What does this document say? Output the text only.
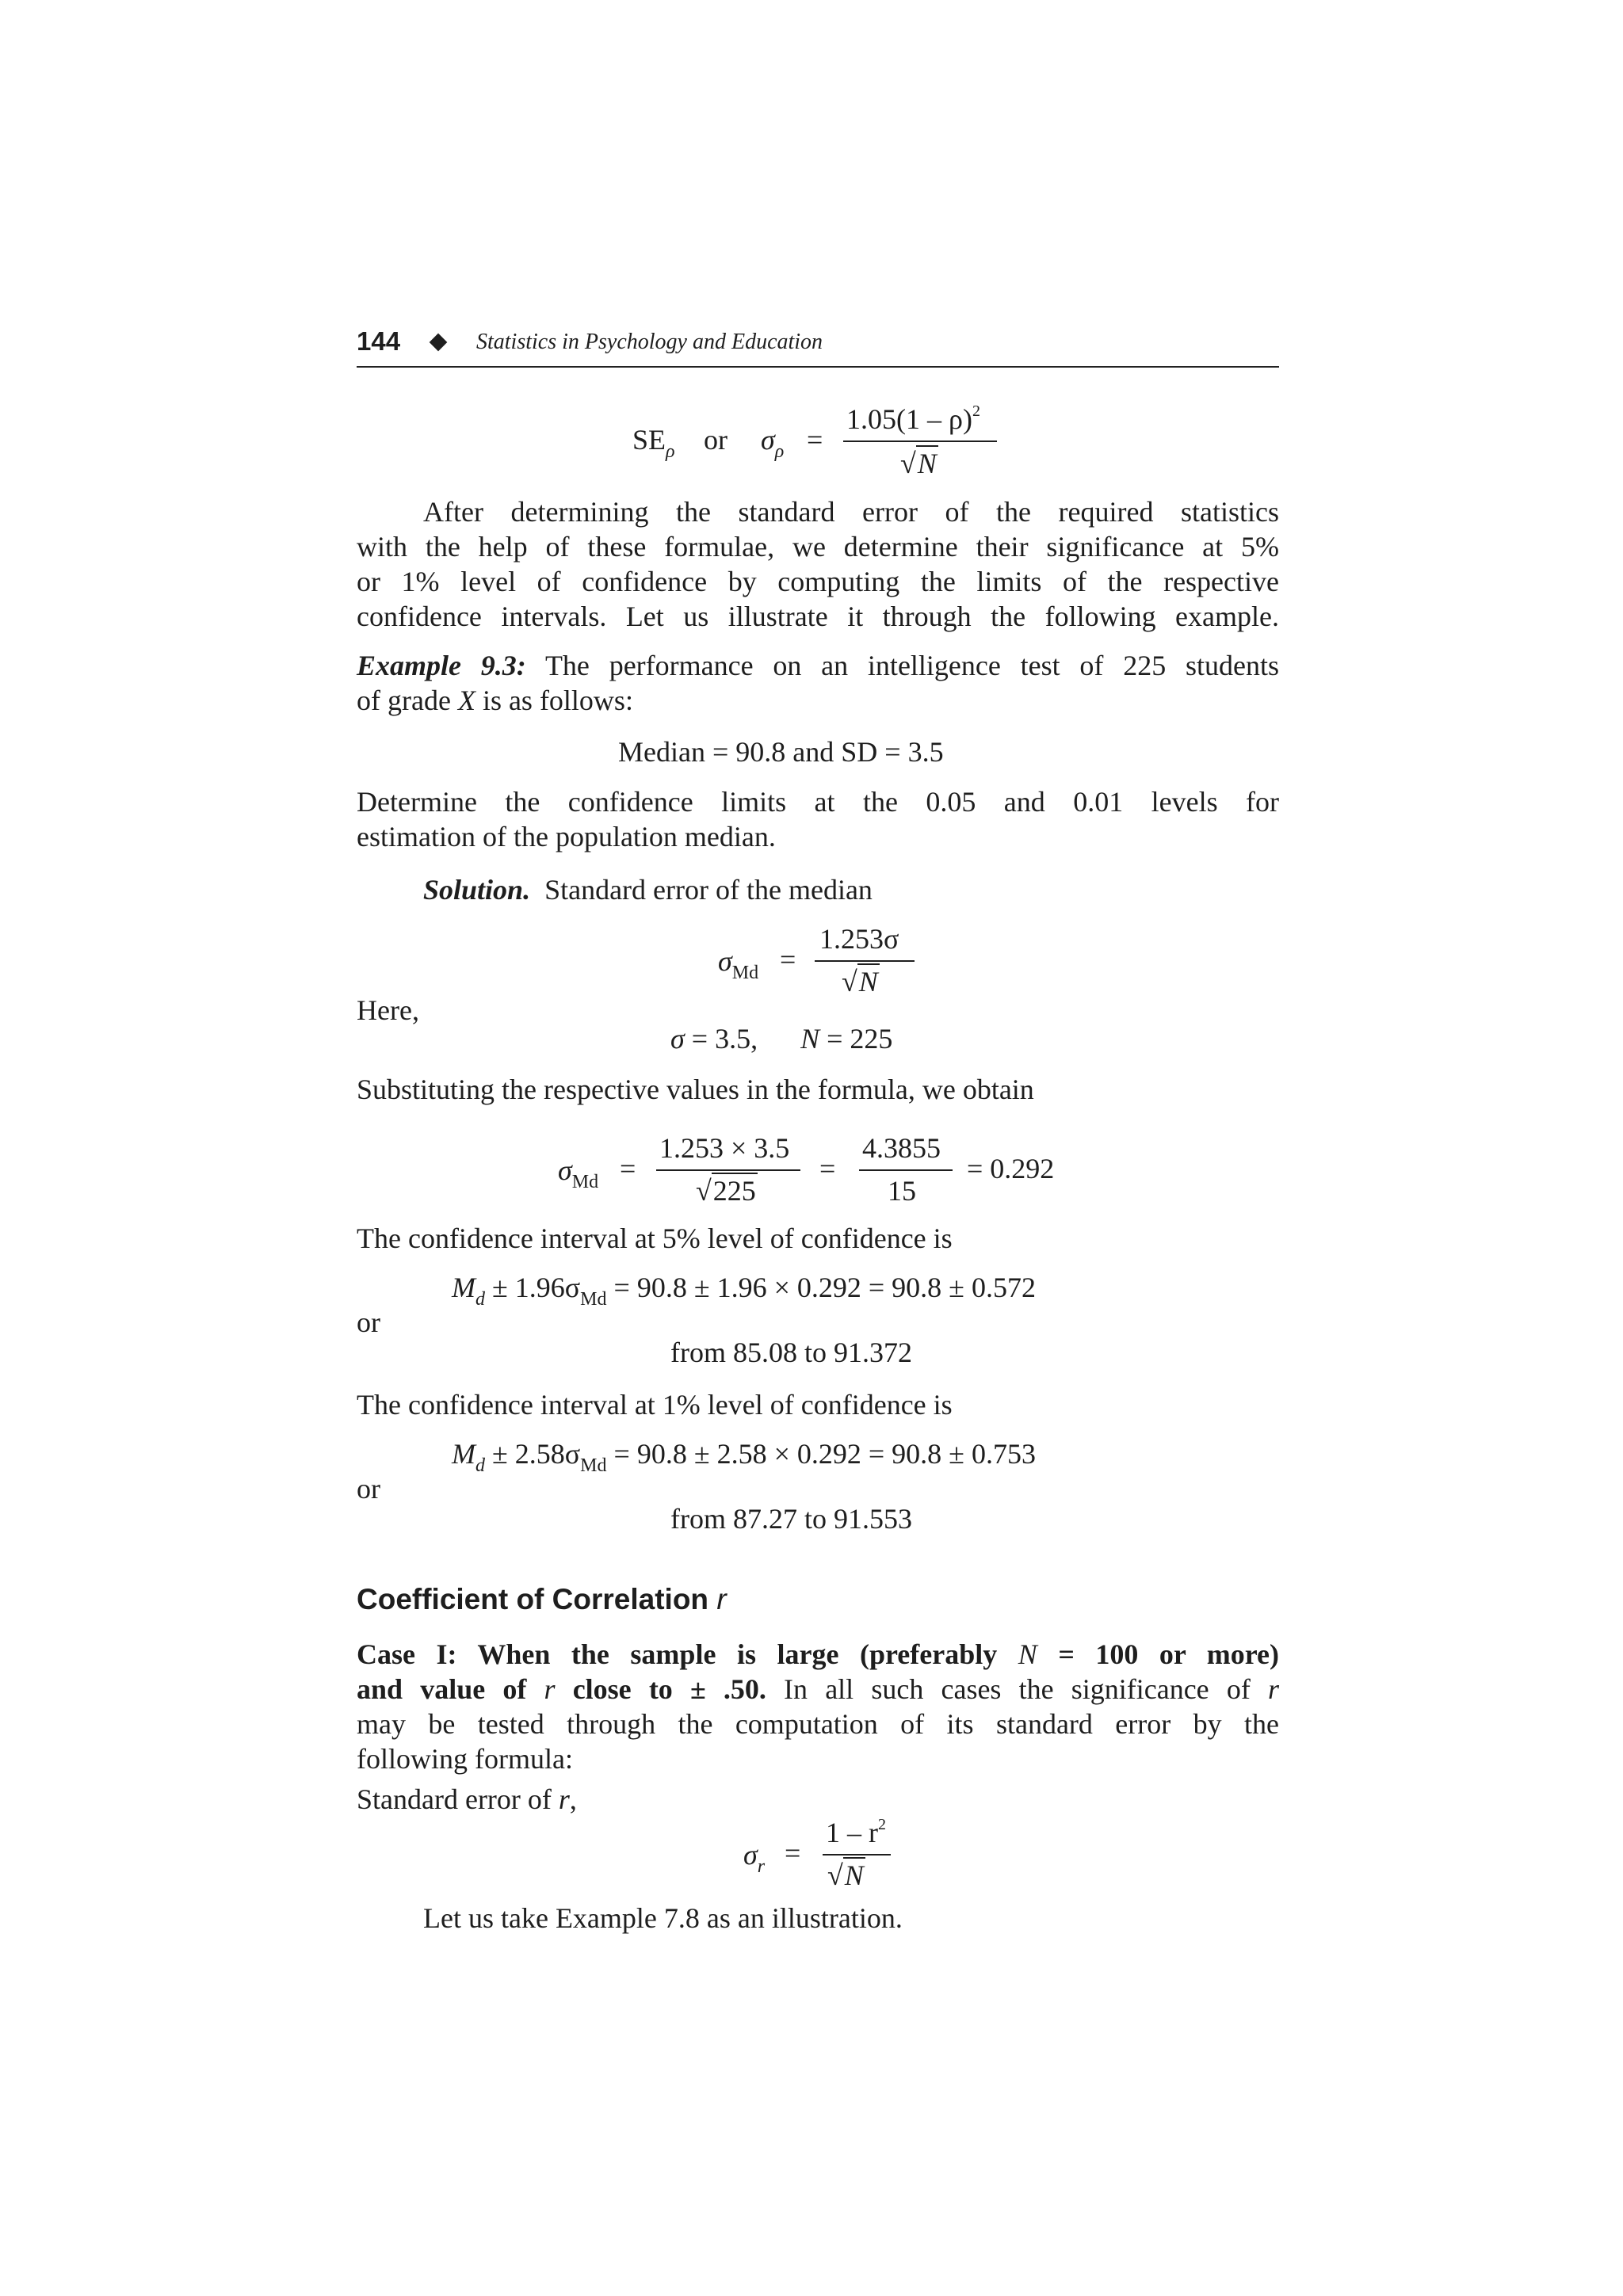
144	Statistics in Psychology and Education
$SE_\rho$ or $\sigma_\rho$ =
1.05(1 – ρ)$^2$
√N
After determining the standard error of the required statistics
with the help of these formulae, we determine their significance at 5%
or 1% level of confidence by computing the limits of the respective
confidence intervals. Let us illustrate it through the following example.
Example 9.3: The performance on an intelligence test of 225 students
of grade X is as follows:
Median = 90.8 and SD = 3.5
Determine the confidence limits at the 0.05 and 0.01 levels for
estimation of the population median.
Solution. Standard error of the median
$\sigma_{Md}$ =
1.253σ
√N
Here,
σ = 3.5,      N = 225
Substituting the respective values in the formula, we obtain
$\sigma_{Md}$ =
1.253 × 3.5
√225
=
4.3855
15
= 0.292
The confidence interval at 5% level of confidence is
$M_d \pm 1.96\sigma_{Md} = 90.8 \pm 1.96 \times 0.292 = 90.8 \pm 0.572$
or
from 85.08 to 91.372
The confidence interval at 1% level of confidence is
$M_d \pm 2.58\sigma_{Md} = 90.8 \pm 2.58 \times 0.292 = 90.8 \pm 0.753$
or
from 87.27 to 91.553
Coefficient of Correlation r
Case I: When the sample is large (preferably N = 100 or more)
and value of r close to ± .50. In all such cases the significance of r
may be tested through the computation of its standard error by the
following formula:
Standard error of r,
$\sigma_r$ =
$1 - r^2$
√N
Let us take Example 7.8 as an illustration.
